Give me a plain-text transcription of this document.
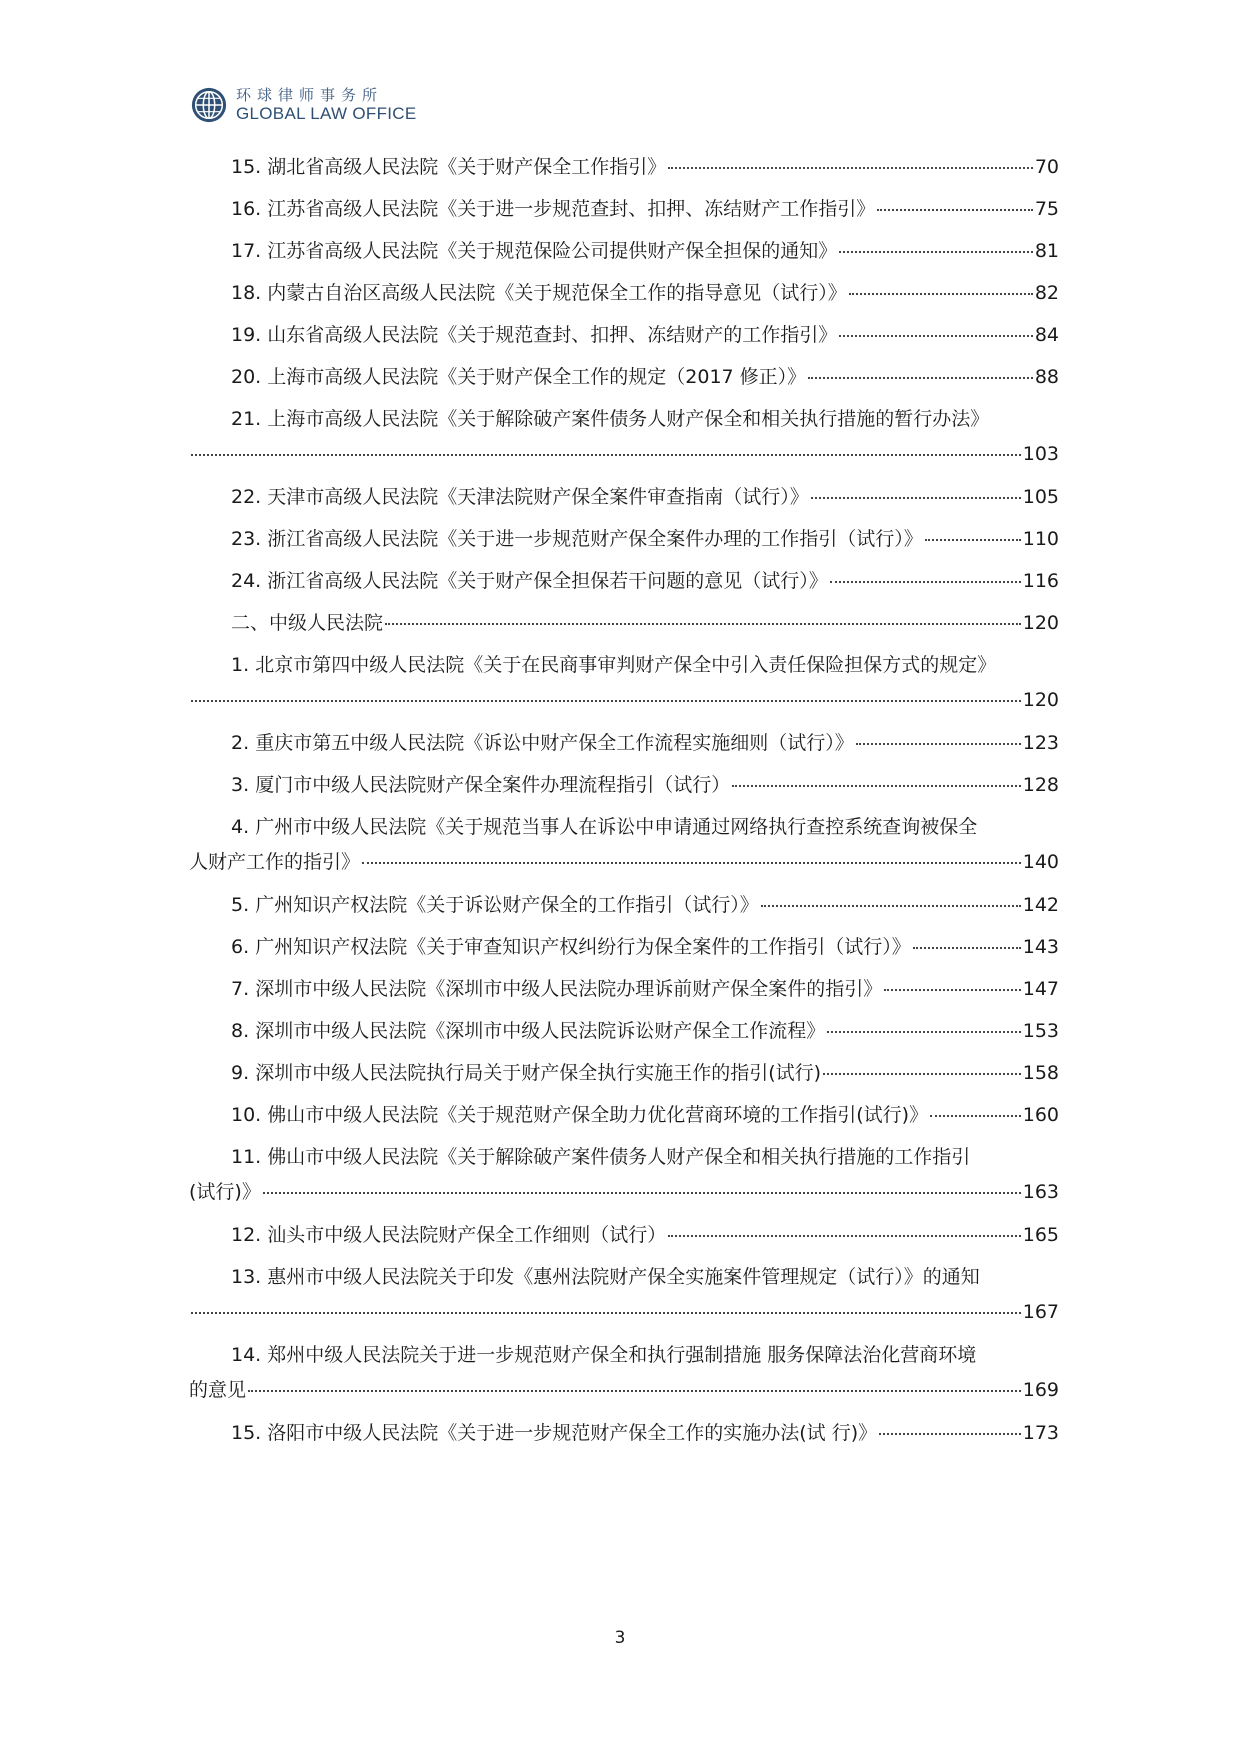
环球律师事务所
GLOBAL LAW OFFICE
15. 湖北省高级人民法院《关于财产保全工作指引》	70
16. 江苏省高级人民法院《关于进一步规范查封、扣押、冻结财产工作指引》	75
17. 江苏省高级人民法院《关于规范保险公司提供财产保全担保的通知》	81
18. 内蒙古自治区高级人民法院《关于规范保全工作的指导意见（试行）》	82
19. 山东省高级人民法院《关于规范查封、扣押、冻结财产的工作指引》	84
20. 上海市高级人民法院《关于财产保全工作的规定（2017 修正）》	88
21. 上海市高级人民法院《关于解除破产案件债务人财产保全和相关执行措施的暂行办法》
103
22. 天津市高级人民法院《天津法院财产保全案件审查指南（试行）》	105
23. 浙江省高级人民法院《关于进一步规范财产保全案件办理的工作指引（试行）》	110
24. 浙江省高级人民法院《关于财产保全担保若干问题的意见（试行）》	116
二、中级人民法院	120
1. 北京市第四中级人民法院《关于在民商事审判财产保全中引入责任保险担保方式的规定》
120
2. 重庆市第五中级人民法院《诉讼中财产保全工作流程实施细则（试行）》	123
3. 厦门市中级人民法院财产保全案件办理流程指引（试行）	128
4. 广州市中级人民法院《关于规范当事人在诉讼中申请通过网络执行查控系统查询被保全
人财产工作的指引》	140
5. 广州知识产权法院《关于诉讼财产保全的工作指引（试行）》	142
6. 广州知识产权法院《关于审查知识产权纠纷行为保全案件的工作指引（试行）》	143
7. 深圳市中级人民法院《深圳市中级人民法院办理诉前财产保全案件的指引》	147
8. 深圳市中级人民法院《深圳市中级人民法院诉讼财产保全工作流程》	153
9. 深圳市中级人民法院执行局关于财产保全执行实施王作的指引(试行)	158
10. 佛山市中级人民法院《关于规范财产保全助力优化营商环境的工作指引(试行)》	160
11. 佛山市中级人民法院《关于解除破产案件债务人财产保全和相关执行措施的工作指引
(试行)》	163
12. 汕头市中级人民法院财产保全工作细则（试行）	165
13. 惠州市中级人民法院关于印发《惠州法院财产保全实施案件管理规定（试行）》的通知
167
14. 郑州中级人民法院关于进一步规范财产保全和执行强制措施 服务保障法治化营商环境
的意见	169
15. 洛阳市中级人民法院《关于进一步规范财产保全工作的实施办法(试 行)》	173
3
